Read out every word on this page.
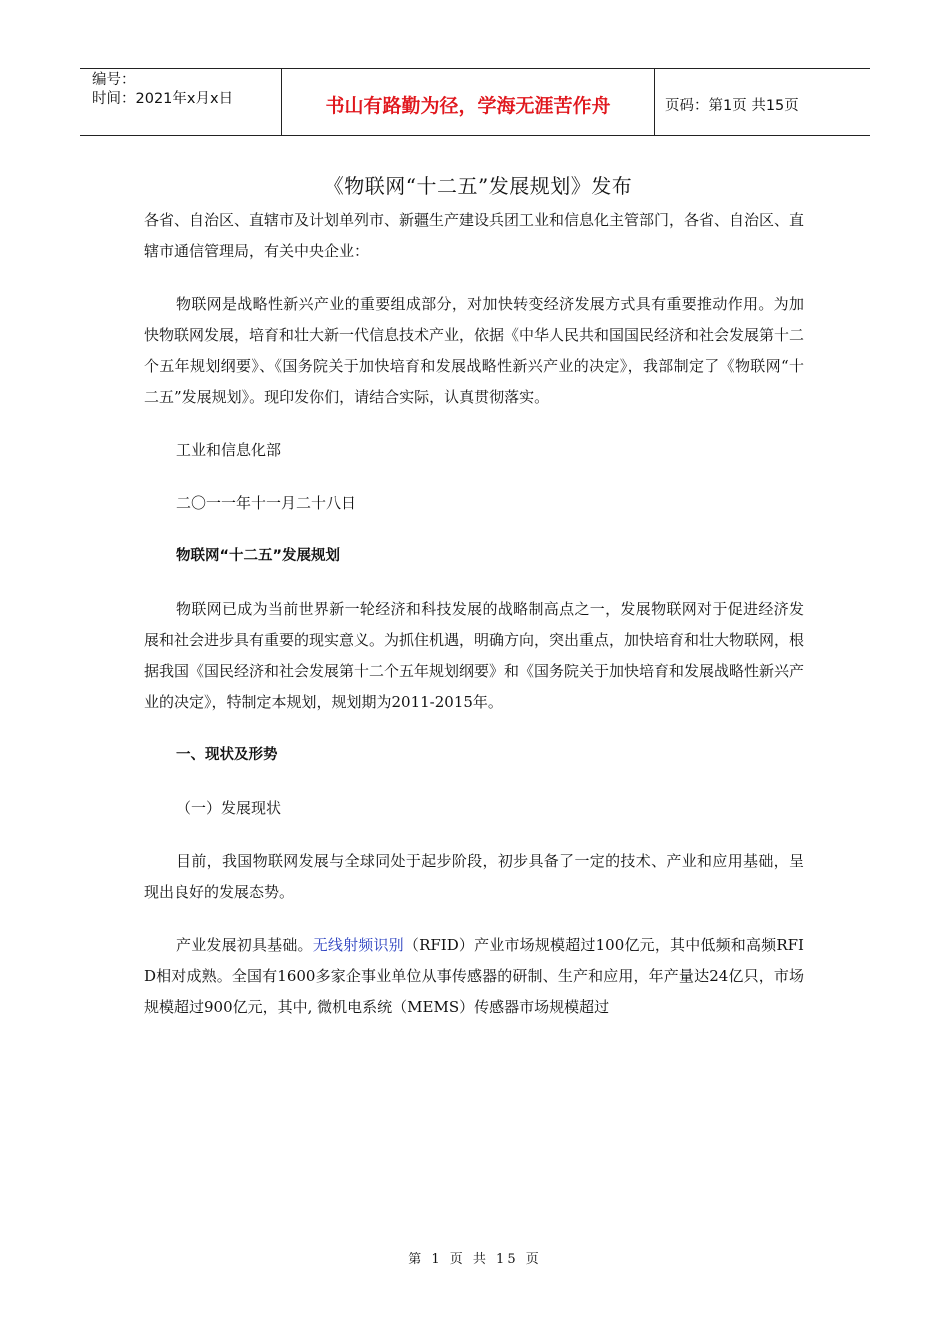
编号：
时间：2021年x月x日	书山有路勤为径，学海无涯苦作舟	页码：第1页 共15页
《物联网“十二五”发展规划》发布

各省、自治区、直辖市及计划单列市、新疆生产建设兵团工业和信息化主管部门，各省、自治区、直辖市通信管理局，有关中央企业：

物联网是战略性新兴产业的重要组成部分，对加快转变经济发展方式具有重要推动作用。为加快物联网发展，培育和壮大新一代信息技术产业，依据《中华人民共和国国民经济和社会发展第十二个五年规划纲要》、《国务院关于加快培育和发展战略性新兴产业的决定》，我部制定了《物联网“十二五”发展规划》。现印发你们，请结合实际，认真贯彻落实。

工业和信息化部

二〇一一年十一月二十八日

物联网“十二五”发展规划

物联网已成为当前世界新一轮经济和科技发展的战略制高点之一，发展物联网对于促进经济发展和社会进步具有重要的现实意义。为抓住机遇，明确方向，突出重点，加快培育和壮大物联网，根据我国《国民经济和社会发展第十二个五年规划纲要》和《国务院关于加快培育和发展战略性新兴产业的决定》，特制定本规划，规划期为2011-2015年。

一、现状及形势

（一）发展现状

目前，我国物联网发展与全球同处于起步阶段，初步具备了一定的技术、产业和应用基础，呈现出良好的发展态势。

产业发展初具基础。无线射频识别（RFID）产业市场规模超过100亿元，其中低频和高频RFID相对成熟。全国有1600多家企事业单位从事传感器的研制、生产和应用，年产量达24亿只，市场规模超过900亿元，其中, 微机电系统（MEMS）传感器市场规模超过

第 1 页 共 15 页
